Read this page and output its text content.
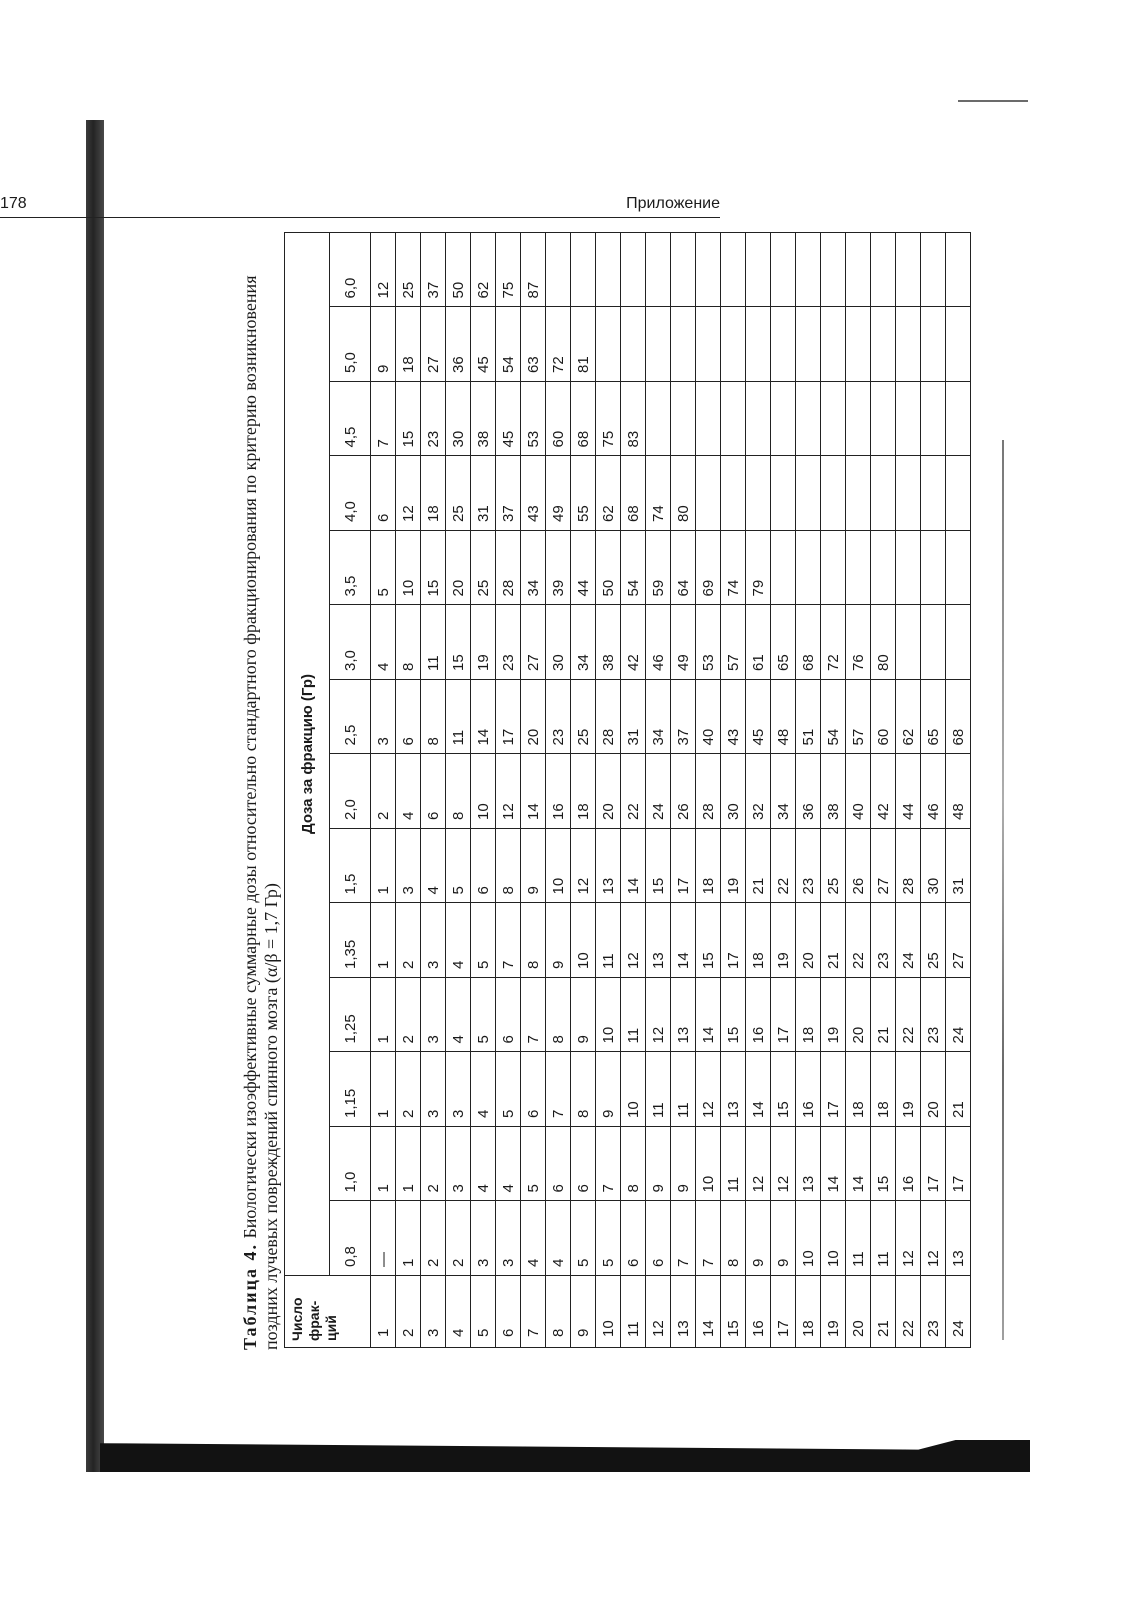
178	Приложение
Таблица 4. Биологически изоэффективные суммарные дозы относительно стандартного фракционирования по критерию возникновения поздних лучевых повреждений спинного мозга (α/β = 1,7 Гр) Число фрак-ций	Доза за фракцию (Гр)													
	0,8	1,0	1,15	1,25	1,35	1,5	2,0	2,5	3,0	3,5	4,0	4,5	5,0	6,0
1	—	1	1	1	1	1	2	3	4	5	6	7	9	12
2	1	1	2	2	2	3	4	6	8	10	12	15	18	25
3	2	2	3	3	3	4	6	8	11	15	18	23	27	37
4	2	3	3	4	4	5	8	11	15	20	25	30	36	50
5	3	4	4	5	5	6	10	14	19	25	31	38	45	62
6	3	4	5	6	7	8	12	17	23	28	37	45	54	75
7	4	5	6	7	8	9	14	20	27	34	43	53	63	87
8	4	6	7	8	9	10	16	23	30	39	49	60	72	
9	5	6	8	9	10	12	18	25	34	44	55	68	81	
10	5	7	9	10	11	13	20	28	38	50	62	75		
11	6	8	10	11	12	14	22	31	42	54	68	83		
12	6	9	11	12	13	15	24	34	46	59	74			
13	7	9	11	13	14	17	26	37	49	64	80			
14	7	10	12	14	15	18	28	40	53	69				
15	8	11	13	15	17	19	30	43	57	74				
16	9	12	14	16	18	21	32	45	61	79				
17	9	12	15	17	19	22	34	48	65					
18	10	13	16	18	20	23	36	51	68					
19	10	14	17	19	21	25	38	54	72					
20	11	14	18	20	22	26	40	57	76					
21	11	15	18	21	23	27	42	60	80					
22	12	16	19	22	24	28	44	62						
23	12	17	20	23	25	30	46	65						
24	13	17	21	24	27	31	48	68						
